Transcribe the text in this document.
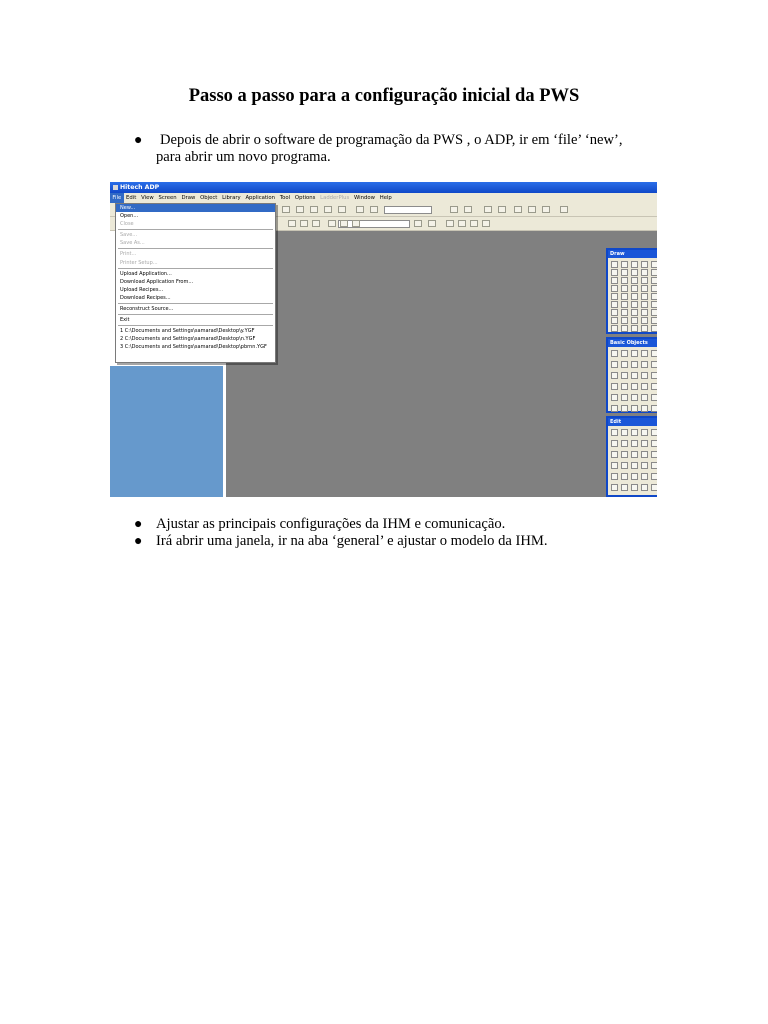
Passo a passo para a configuração inicial da PWS
● Depois de abrir o software de programação da PWS , o ADP, ir em ‘file’ ‘new’,
para abrir um novo programa.
Hitech ADP
File Edit View Screen Draw Object Library Application Tool Options LadderPlus Window Help
Draw
Basic Objects
Edit
New...
Open...
Close
Save...
Save As...
Print...
Printer Setup...
Upload Application...
Download Application From...
Upload Recipes...
Download Recipes...
Reconstruct Source...
Exit
1 C:\Documents and Settings\samarad\Desktop\y.YGF
2 C:\Documents and Settings\samarad\Desktop\n.YGF
3 C:\Documents and Settings\samarad\Desktop\pbrnn.YGF
● Ajustar as principais configurações da IHM e comunicação.
● Irá abrir uma janela, ir na aba ‘general’ e ajustar o modelo da IHM.
